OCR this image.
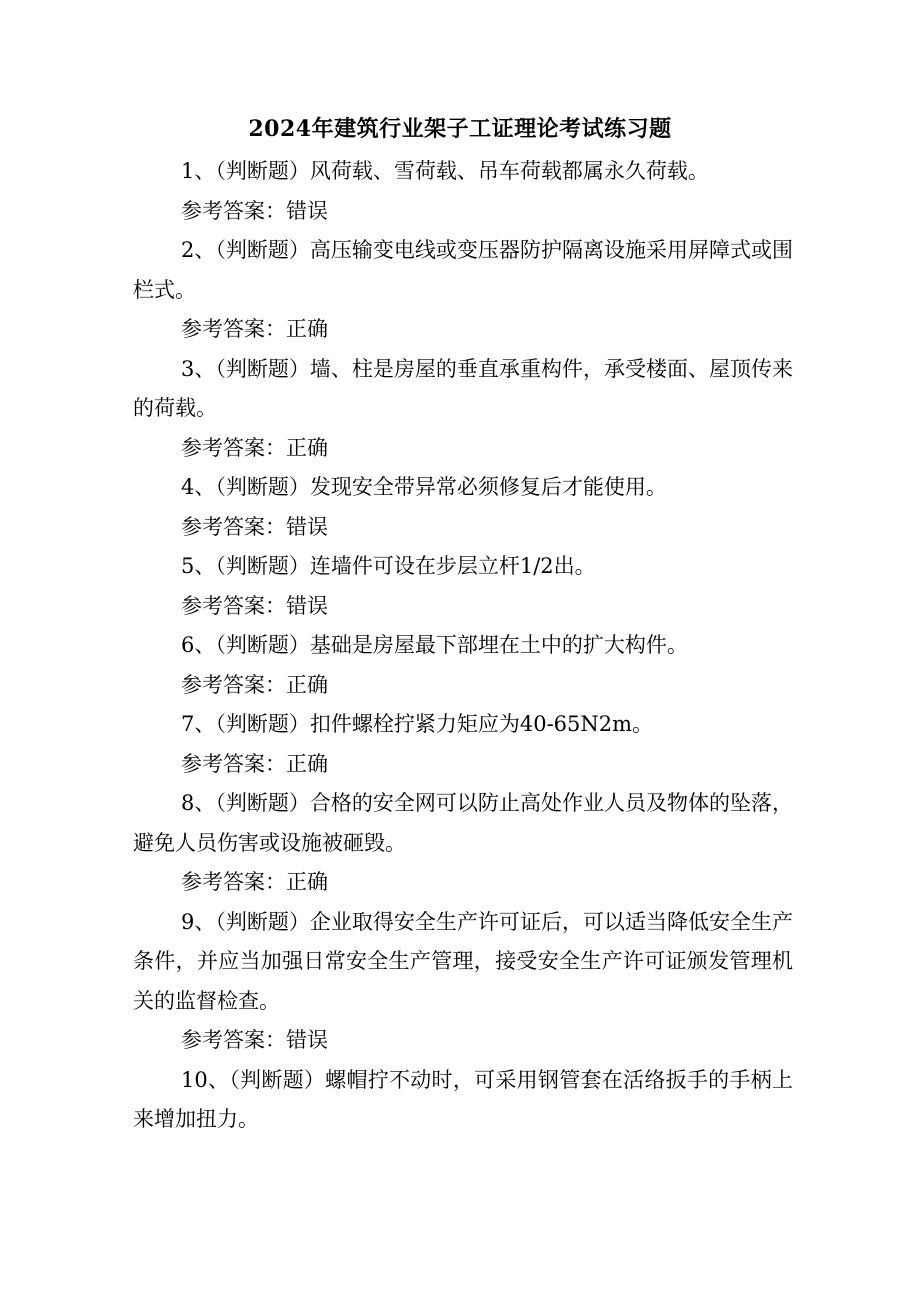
2024年建筑行业架子工证理论考试练习题

1、（判断题）风荷载、雪荷载、吊车荷载都属永久荷载。

参考答案：错误

2、（判断题）高压输变电线或变压器防护隔离设施采用屏障式或围栏式。

参考答案：正确

3、（判断题）墙、柱是房屋的垂直承重构件，承受楼面、屋顶传来的荷载。

参考答案：正确

4、（判断题）发现安全带异常必须修复后才能使用。

参考答案：错误

5、（判断题）连墙件可设在步层立杆1/2出。

参考答案：错误

6、（判断题）基础是房屋最下部埋在土中的扩大构件。

参考答案：正确

7、（判断题）扣件螺栓拧紧力矩应为40-65N2m。

参考答案：正确

8、（判断题）合格的安全网可以防止高处作业人员及物体的坠落，避免人员伤害或设施被砸毁。

参考答案：正确

9、（判断题）企业取得安全生产许可证后，可以适当降低安全生产条件，并应当加强日常安全生产管理，接受安全生产许可证颁发管理机关的监督检查。

参考答案：错误

10、（判断题）螺帽拧不动时，可采用钢管套在活络扳手的手柄上来增加扭力。
